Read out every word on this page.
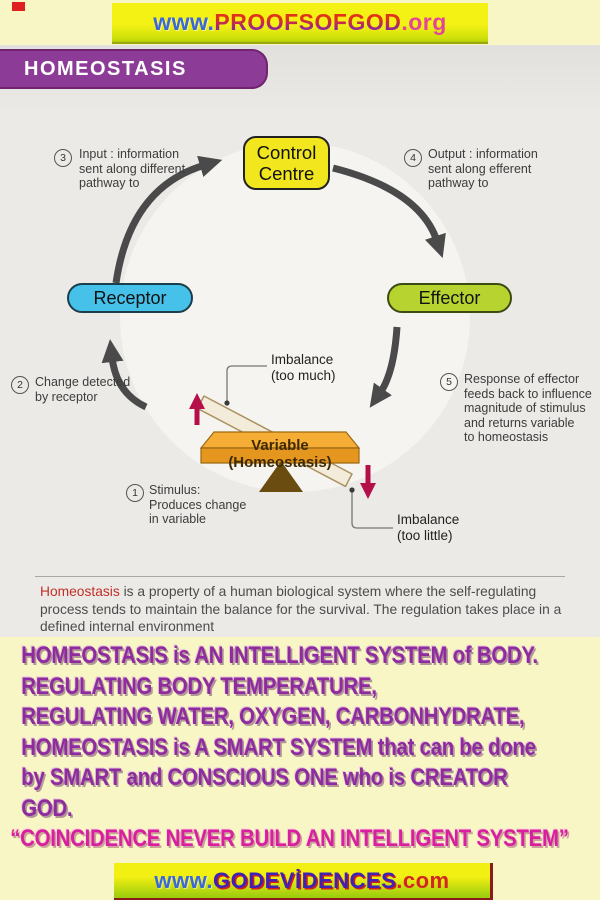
www. PROOFSOFGOD .org
HOMEOSTASIS
Control
Centre
Receptor	Effector
3	Input : information
sent along different
pathway to
4 Output : information
sent along efferent
pathway to
2 Change detected
by receptor
5 Response of effector
feeds back to influence
magnitude of stimulus
and returns variable
to homeostasis
1 Stimulus:
Produces change
in variable
Imbalance
(too much)
Imbalance
(too little)
Variable (Homeostasis)
Homeostasis is a property of a human biological system where the self-regulating process tends to maintain the balance for the survival. The regulation takes place in a defined internal environment
HOMEOSTASIS is AN INTELLIGENT SYSTEM of BODY.
REGULATING BODY TEMPERATURE,
REGULATING WATER, OXYGEN, CARBONHYDRATE,
HOMEOSTASIS is A SMART SYSTEM that can be done
by SMART and CONSCIOUS ONE who is CREATOR
GOD.
“COINCIDENCE NEVER BUILD AN INTELLIGENT SYSTEM”
www. GODEVİDENCES .com
